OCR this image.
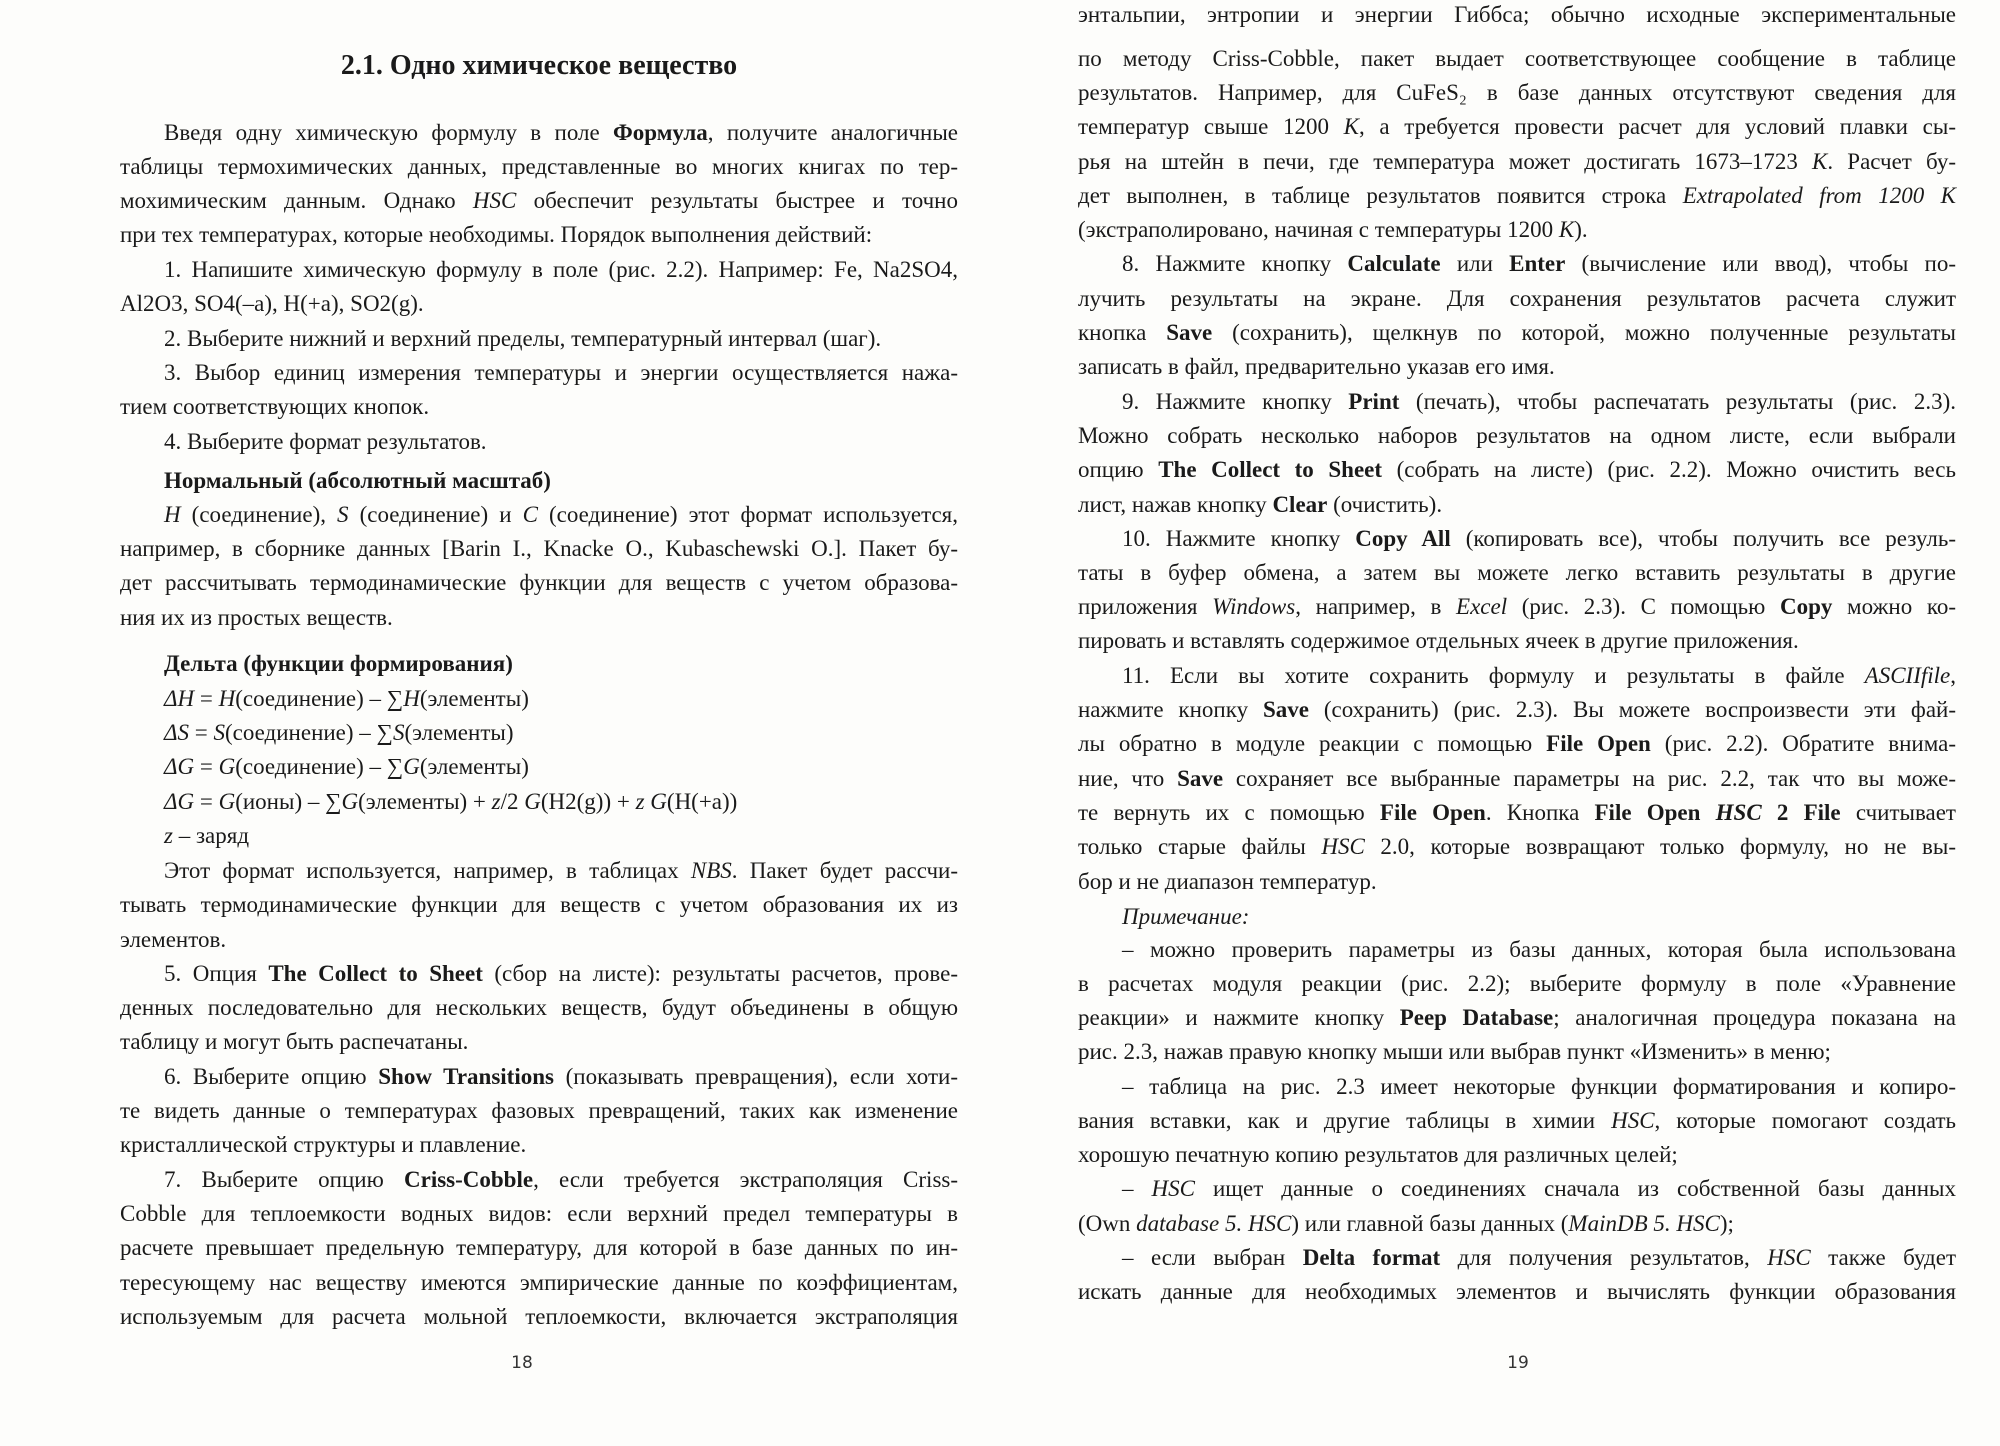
2.1. Одно химическое вещество
Введя одну химическую формулу в поле Формула, получите аналогичные
таблицы термохимических данных, представленные во многих книгах по тер-
мохимическим данным. Однако HSC обеспечит результаты быстрее и точно
при тех температурах, которые необходимы. Порядок выполнения действий:
1. Напишите химическую формулу в поле (рис. 2.2). Например: Fe, Na2SO4,
Al2O3, SO4(–a), H(+a), SO2(g).
2. Выберите нижний и верхний пределы, температурный интервал (шаг).
3. Выбор единиц измерения температуры и энергии осуществляется нажа-
тием соответствующих кнопок.
4. Выберите формат результатов.
Нормальный (абсолютный масштаб)
H (соединение), S (соединение) и C (соединение) этот формат используется,
например, в сборнике данных [Barin I., Knacke O., Kubaschewski O.]. Пакет бу-
дет рассчитывать термодинамические функции для веществ с учетом образова-
ния их из простых веществ.
Дельта (функции формирования)
ΔH = H(соединение) – ∑H(элементы)
ΔS = S(соединение) – ∑S(элементы)
ΔG = G(соединение) – ∑G(элементы)
ΔG = G(ионы) – ∑G(элементы) + z/2 G(H2(g)) + z G(H(+a))
z – заряд
Этот формат используется, например, в таблицах NBS. Пакет будет рассчи-
тывать термодинамические функции для веществ с учетом образования их из
элементов.
5. Опция The Collect to Sheet (сбор на листе): результаты расчетов, прове-
денных последовательно для нескольких веществ, будут объединены в общую
таблицу и могут быть распечатаны.
6. Выберите опцию Show Transitions (показывать превращения), если хоти-
те видеть данные о температурах фазовых превращений, таких как изменение
кристаллической структуры и плавление.
7. Выберите опцию Criss-Cobble, если требуется экстраполяция Criss-
Cobble для теплоемкости водных видов: если верхний предел температуры в
расчете превышает предельную температуру, для которой в базе данных по ин-
тересующему нас веществу имеются эмпирические данные по коэффициентам,
используемым для расчета мольной теплоемкости, включается экстраполяция
18
по методу Criss-Cobble, пакет выдает соответствующее сообщение в таблице
результатов. Например, для CuFeS₂ в базе данных отсутствуют сведения для
температур свыше 1200 K, а требуется провести расчет для условий плавки сы-
рья на штейн в печи, где температура может достигать 1673–1723 K. Расчет бу-
дет выполнен, в таблице результатов появится строка Extrapolated from 1200 K
(экстраполировано, начиная с температуры 1200 K).
8. Нажмите кнопку Calculate или Enter (вычисление или ввод), чтобы по-
лучить результаты на экране. Для сохранения результатов расчета служит
кнопка Save (сохранить), щелкнув по которой, можно полученные результаты
записать в файл, предварительно указав его имя.
9. Нажмите кнопку Print (печать), чтобы распечатать результаты (рис. 2.3).
Можно собрать несколько наборов результатов на одном листе, если выбрали
опцию The Collect to Sheet (собрать на листе) (рис. 2.2). Можно очистить весь
лист, нажав кнопку Clear (очистить).
10. Нажмите кнопку Copy All (копировать все), чтобы получить все резуль-
таты в буфер обмена, а затем вы можете легко вставить результаты в другие
приложения Windows, например, в Excel (рис. 2.3). С помощью Copy можно ко-
пировать и вставлять содержимое отдельных ячеек в другие приложения.
11. Если вы хотите сохранить формулу и результаты в файле ASCIIfile,
нажмите кнопку Save (сохранить) (рис. 2.3). Вы можете воспроизвести эти фай-
лы обратно в модуле реакции с помощью File Open (рис. 2.2). Обратите внима-
ние, что Save сохраняет все выбранные параметры на рис. 2.2, так что вы може-
те вернуть их с помощью File Open. Кнопка File Open HSC 2 File считывает
только старые файлы HSC 2.0, которые возвращают только формулу, но не вы-
бор и не диапазон температур.
Примечание:
– можно проверить параметры из базы данных, которая была использована
в расчетах модуля реакции (рис. 2.2); выберите формулу в поле «Уравнение
реакции» и нажмите кнопку Peep Database; аналогичная процедура показана на
рис. 2.3, нажав правую кнопку мыши или выбрав пункт «Изменить» в меню;
– таблица на рис. 2.3 имеет некоторые функции форматирования и копиро-
вания вставки, как и другие таблицы в химии HSC, которые помогают создать
хорошую печатную копию результатов для различных целей;
– HSC ищет данные о соединениях сначала из собственной базы данных
(Own database 5. HSC) или главной базы данных (MainDB 5. HSC);
– если выбран Delta format для получения результатов, HSC также будет
искать данные для необходимых элементов и вычислять функции образования
энтальпии, энтропии и энергии Гиббса; обычно исходные экспериментальные
19
